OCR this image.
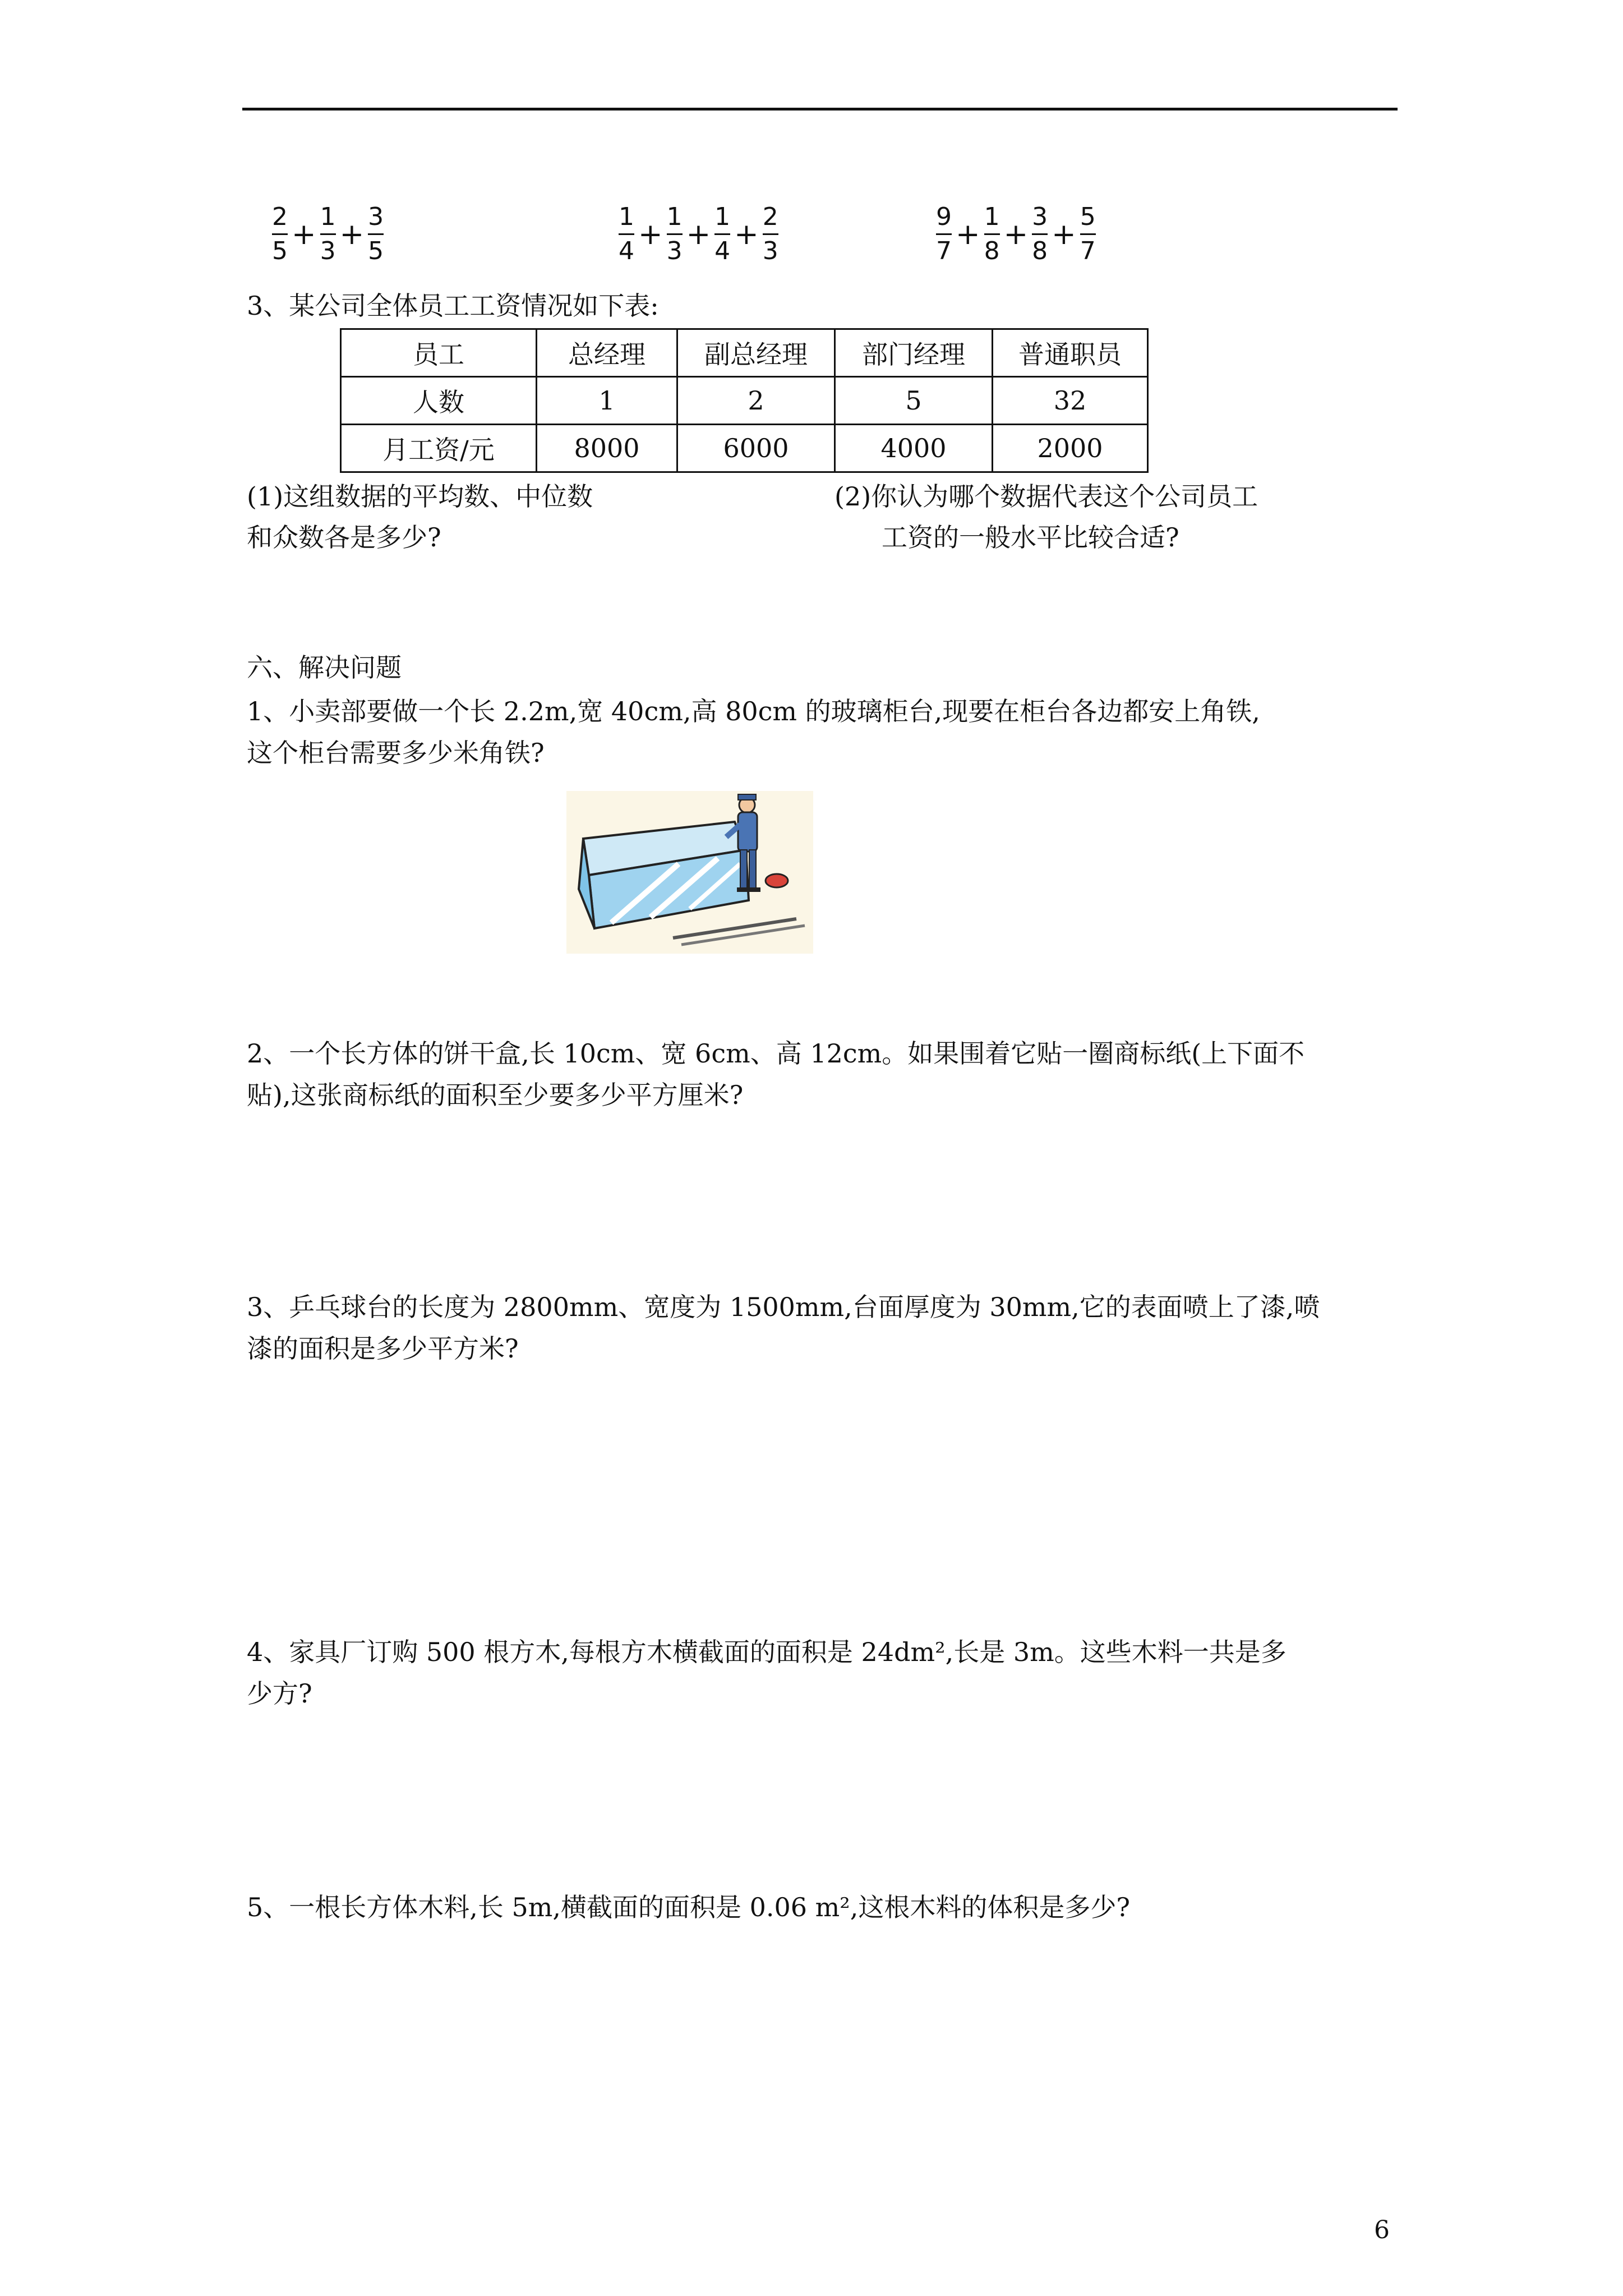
$\frac{2}{5} + \frac{1}{3} + \frac{3}{5}$	$\frac{1}{4} + \frac{1}{3} + \frac{1}{4} + \frac{2}{3}$	$\frac{9}{7} + \frac{1}{8} + \frac{3}{8} + \frac{5}{7}$
3、某公司全体员工工资情况如下表:
员工	总经理	副总经理	部门经理	普通职员
人数	1	2	5	32
月工资/元	8000	6000	4000	2000
(1)这组数据的平均数、中位数
和众数各是多少?
(2)你认为哪个数据代表这个公司员工
工资的一般水平比较合适?
六、解决问题
1、小卖部要做一个长 2.2m,宽 40cm,高 80cm 的玻璃柜台,现要在柜台各边都安上角铁,
这个柜台需要多少米角铁?
2、一个长方体的饼干盒,长 10cm、宽 6cm、高 12cm。如果围着它贴一圈商标纸(上下面不
贴),这张商标纸的面积至少要多少平方厘米?
3、乒乓球台的长度为 2800mm、宽度为 1500mm,台面厚度为 30mm,它的表面喷上了漆,喷
漆的面积是多少平方米?
4、家具厂订购 500 根方木,每根方木横截面的面积是 24dm²,长是 3m。这些木料一共是多
少方?
5、一根长方体木料,长 5m,横截面的面积是 0.06 m²,这根木料的体积是多少?
6
